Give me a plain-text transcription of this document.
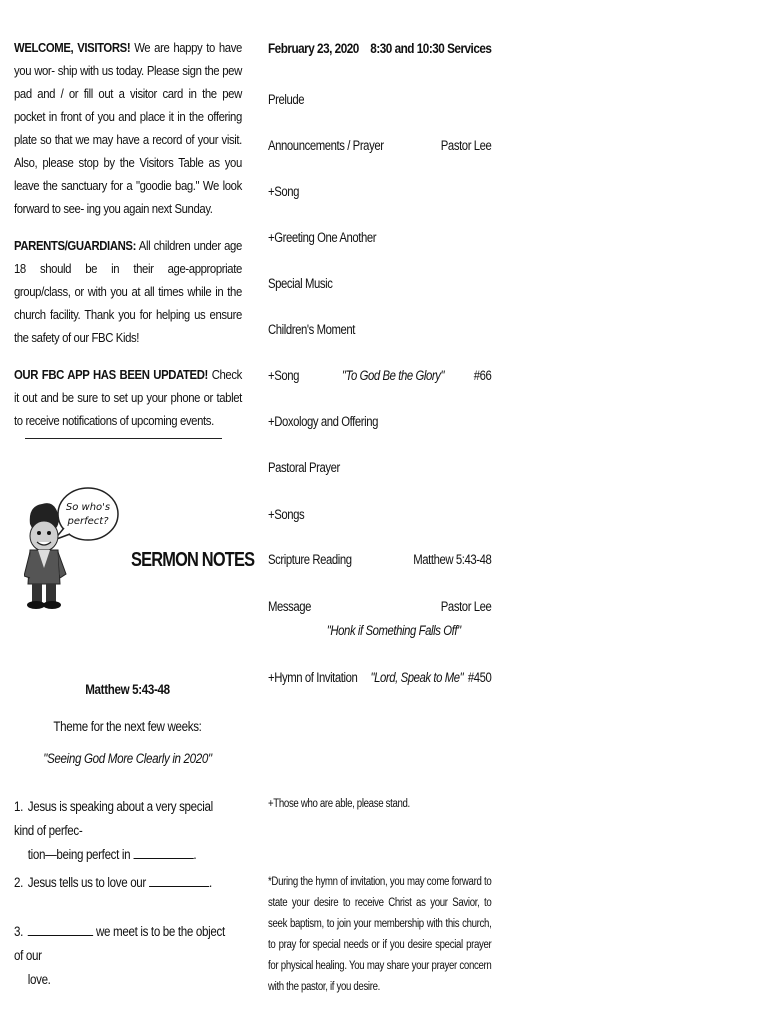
WELCOME, VISITORS! We are happy to have you wor- ship with us today. Please sign the pew pad and / or fill out a visitor card in the pew pocket in front of you and place it in the offering plate so that we may have a record of your visit. Also, please stop by the Visitors Table as you leave the sanctuary for a "goodie bag." We look forward to see- ing you again next Sunday.
PARENTS/GUARDIANS: All children under age 18 should be in their age-appropriate group/class, or with you at all times while in the church facility. Thank you for helping us ensure the safety of our FBC Kids!
OUR FBC APP HAS BEEN UPDATED! Check it out and be sure to set up your phone or tablet to receive notifications of upcoming events.
So who's
perfect?
SERMON NOTES
Matthew 5:43-48
Theme for the next few weeks:
"Seeing God More Clearly in 2020"
1. Jesus is speaking about a very special kind of perfec-
tion—being perfect in	.
2. Jesus tells us to love our	.
3.	we meet is to be the object of our
love.
February 23, 2020 8:30 and 10:30 Services
Prelude
Announcements / Prayer	Pastor Lee
+Song
+Greeting One Another
Special Music
Children's Moment
+Song	"To God Be the Glory" #66
+Doxology and Offering
Pastoral Prayer
+Songs
Scripture Reading	Matthew 5:43-48
Message	Pastor Lee
"Honk if Something Falls Off"
+Hymn of Invitation "Lord, Speak to Me" #450
+Those who are able, please stand.
*During the hymn of invitation, you may come forward to state your desire to receive Christ as your Savior, to seek baptism, to join your membership with this church, to pray for special needs or if you desire special prayer for physical healing. You may share your prayer concern with the pastor, if you desire.
